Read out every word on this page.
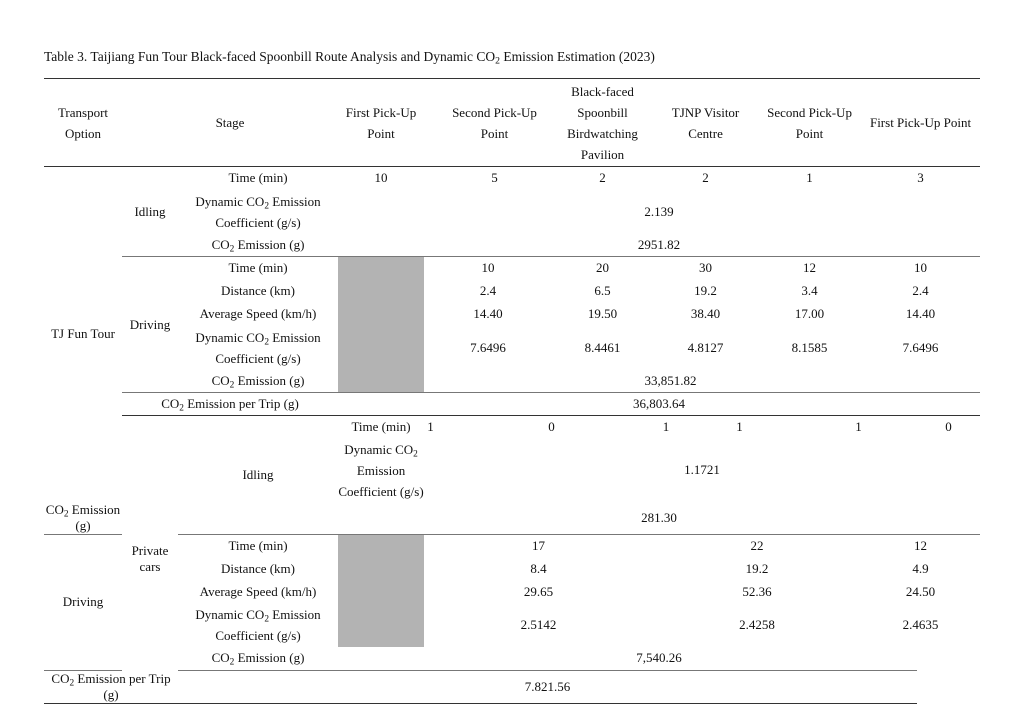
Table 3. Taijiang Fun Tour Black-faced Spoonbill Route Analysis and Dynamic $CO_2$ Emission Estimation (2023)
Transport Option	Stage		First Pick-Up Point	Second Pick-Up Point		Black-faced Spoonbill Birdwatching Pavilion	TJNP Visitor Centre		Second Pick-Up Point		First Pick-Up Point		
TJ Fun Tour	Idling	Time (min)	10	5		2	2		1		3		
		Dynamic $CO_2$ Emission
Coefficient (g/s)	2.139										
		$CO_2$ Emission (g)	2951.82										
	Driving	Time (min)		10		20	30		12		10		
		Distance (km)		2.4		6.5	19.2		3.4		2.4		
		Average Speed (km/h)		14.40		19.50	38.40		17.00		14.40		
		Dynamic $CO_2$ Emission
Coefficient (g/s)		7.6496		8.4461	4.8127		8.1585		7.6496		
		$CO_2$ Emission (g)		33,851.82									
	$CO_2$ Emission per Trip (g)		36,803.64										
	Private cars	Idling	Time (min)	1	0		1	1		1		0	
			Dynamic $CO_2$ Emission
Coefficient (g/s)	1.1721									
$CO_2$ Emission (g)			281.30										
Driving		Time (min)		17			22				12		
		Distance (km)		8.4			19.2				4.9		
		Average Speed (km/h)		29.65			52.36				24.50		
		Dynamic $CO_2$ Emission
Coefficient (g/s)		2.5142			2.4258				2.4635		
		$CO_2$ Emission (g)	7,540.26										
$CO_2$ Emission per Trip (g)		7.821.56											
